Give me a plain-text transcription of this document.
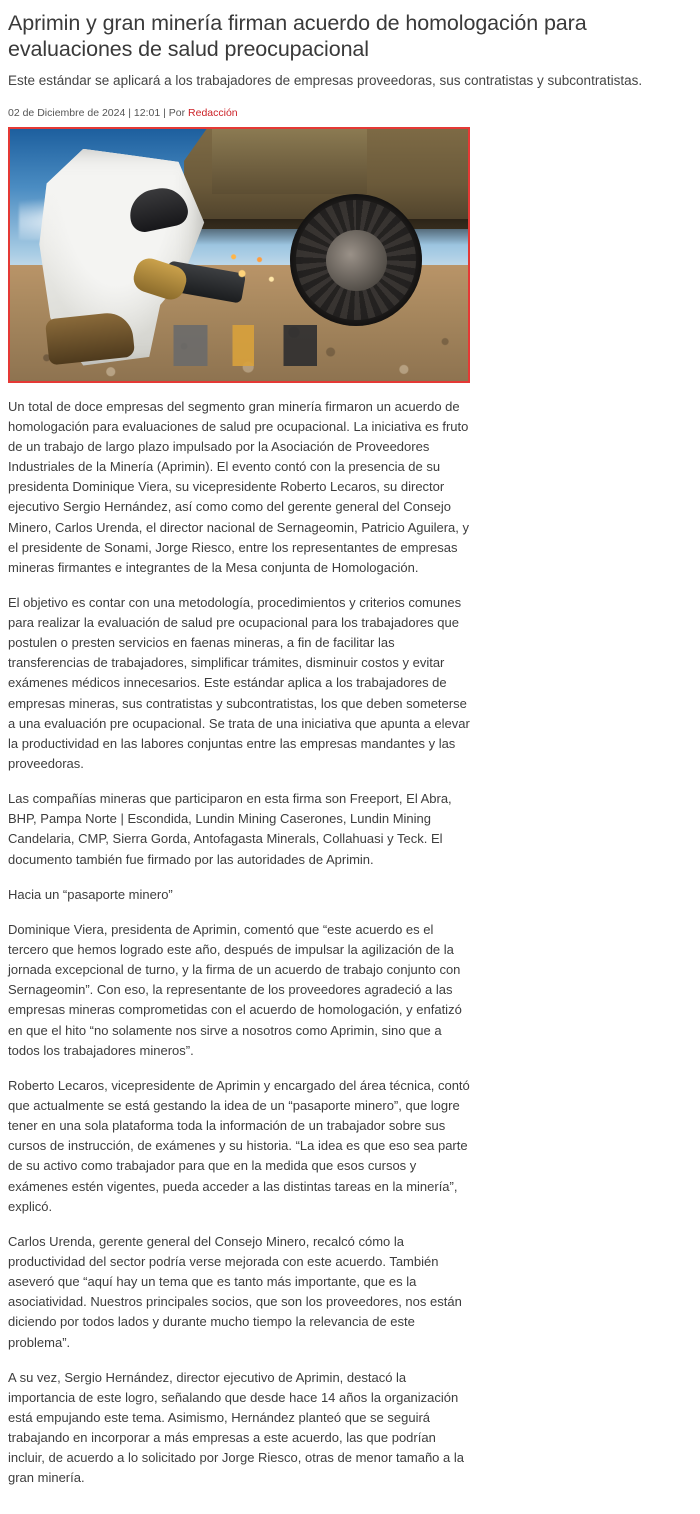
Aprimin y gran minería firman acuerdo de homologación para evaluaciones de salud preocupacional

Este estándar se aplicará a los trabajadores de empresas proveedoras, sus contratistas y subcontratistas.

02 de Diciembre de 2024 | 12:01 | Por Redacción

Un total de doce empresas del segmento gran minería firmaron un acuerdo de homologación para evaluaciones de salud pre ocupacional. La iniciativa es fruto de un trabajo de largo plazo impulsado por la Asociación de Proveedores Industriales de la Minería (Aprimin). El evento contó con la presencia de su presidenta Dominique Viera, su vicepresidente Roberto Lecaros, su director ejecutivo Sergio Hernández, así como como del gerente general del Consejo Minero, Carlos Urenda, el director nacional de Sernageomin, Patricio Aguilera, y el presidente de Sonami, Jorge Riesco, entre los representantes de empresas mineras firmantes e integrantes de la Mesa conjunta de Homologación.

El objetivo es contar con una metodología, procedimientos y criterios comunes para realizar la evaluación de salud pre ocupacional para los trabajadores que postulen o presten servicios en faenas mineras, a fin de facilitar las transferencias de trabajadores, simplificar trámites, disminuir costos y evitar exámenes médicos innecesarios. Este estándar aplica a los trabajadores de empresas mineras, sus contratistas y subcontratistas, los que deben someterse a una evaluación pre ocupacional. Se trata de una iniciativa que apunta a elevar la productividad en las labores conjuntas entre las empresas mandantes y las proveedoras.

Las compañías mineras que participaron en esta firma son Freeport, El Abra, BHP, Pampa Norte | Escondida, Lundin Mining Caserones, Lundin Mining Candelaria, CMP, Sierra Gorda, Antofagasta Minerals, Collahuasi y Teck. El documento también fue firmado por las autoridades de Aprimin.

Hacia un “pasaporte minero”

Dominique Viera, presidenta de Aprimin, comentó que “este acuerdo es el tercero que hemos logrado este año, después de impulsar la agilización de la jornada excepcional de turno, y la firma de un acuerdo de trabajo conjunto con Sernageomin”. Con eso, la representante de los proveedores agradeció a las empresas mineras comprometidas con el acuerdo de homologación, y enfatizó en que el hito “no solamente nos sirve a nosotros como Aprimin, sino que a todos los trabajadores mineros”.

Roberto Lecaros, vicepresidente de Aprimin y encargado del área técnica, contó que actualmente se está gestando la idea de un “pasaporte minero”, que logre tener en una sola plataforma toda la información de un trabajador sobre sus cursos de instrucción, de exámenes y su historia. “La idea es que eso sea parte de su activo como trabajador para que en la medida que esos cursos y exámenes estén vigentes, pueda acceder a las distintas tareas en la minería”, explicó.

Carlos Urenda, gerente general del Consejo Minero, recalcó cómo la productividad del sector podría verse mejorada con este acuerdo. También aseveró que “aquí hay un tema que es tanto más importante, que es la asociatividad. Nuestros principales socios, que son los proveedores, nos están diciendo por todos lados y durante mucho tiempo la relevancia de este problema”.

A su vez, Sergio Hernández, director ejecutivo de Aprimin, destacó la importancia de este logro, señalando que desde hace 14 años la organización está empujando este tema. Asimismo, Hernández planteó que se seguirá trabajando en incorporar a más empresas a este acuerdo, las que podrían incluir, de acuerdo a lo solicitado por Jorge Riesco, otras de menor tamaño a la gran minería.
